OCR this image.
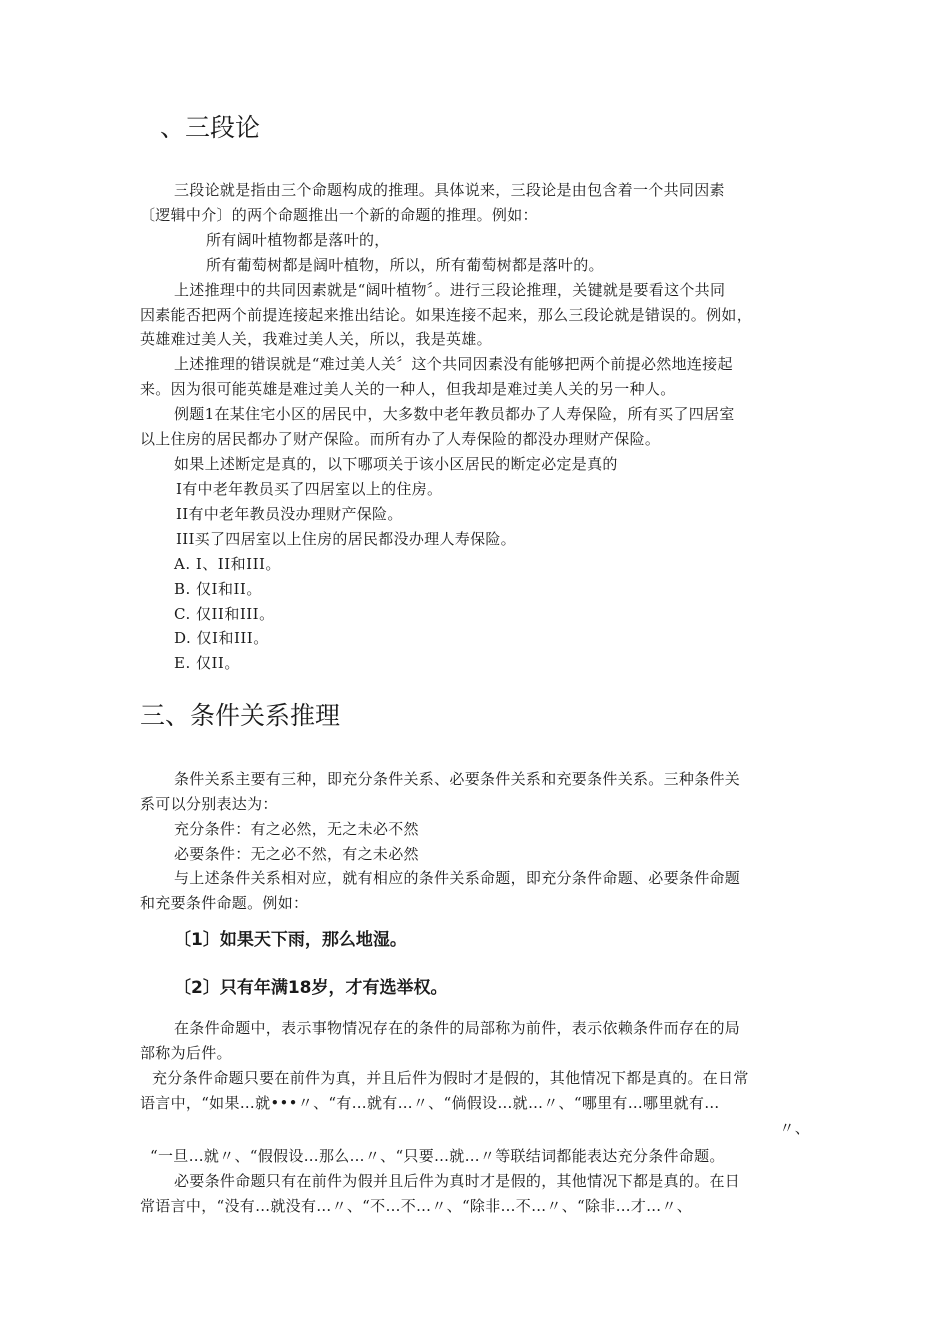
、三段论
三段论就是指由三个命题构成的推理。具体说来，三段论是由包含着一个共同因素
〔逻辑中介〕的两个命题推出一个新的命题的推理。例如：
所有阔叶植物都是落叶的，
所有葡萄树都是阔叶植物，所以，所有葡萄树都是落叶的。
上述推理中的共同因素就是“阔叶植物〞。进行三段论推理，关键就是要看这个共同
因素能否把两个前提连接起来推出结论。如果连接不起来，那么三段论就是错误的。例如，
英雄难过美人关，我难过美人关，所以，我是英雄。
上述推理的错误就是“难过美人关〞这个共同因素没有能够把两个前提必然地连接起
来。因为很可能英雄是难过美人关的一种人，但我却是难过美人关的另一种人。
例题1在某住宅小区的居民中，大多数中老年教员都办了人寿保险，所有买了四居室
以上住房的居民都办了财产保险。而所有办了人寿保险的都没办理财产保险。
如果上述断定是真的，以下哪项关于该小区居民的断定必定是真的
I有中老年教员买了四居室以上的住房。
II有中老年教员没办理财产保险。
III买了四居室以上住房的居民都没办理人寿保险。
A. I、II和III。
B. 仅I和II。
C. 仅II和III。
D. 仅I和III。
E. 仅II。
三、条件关系推理
条件关系主要有三种，即充分条件关系、必要条件关系和充要条件关系。三种条件关
系可以分别表达为：
充分条件：有之必然，无之未必不然
必要条件：无之必不然，有之未必然
与上述条件关系相对应，就有相应的条件关系命题，即充分条件命题、必要条件命题
和充要条件命题。例如：
〔1〕如果天下雨，那么地湿。
〔2〕只有年满18岁，才有选举权。
在条件命题中，表示事物情况存在的条件的局部称为前件，表示依赖条件而存在的局
部称为后件。
充分条件命题只要在前件为真，并且后件为假时才是假的，其他情况下都是真的。在日常
语言中，“如果…就•••〃、“有…就有…〃、“倘假设…就…〃、“哪里有…哪里就有…
〃、
“一旦…就〃、“假假设…那么…〃、“只要…就…〃等联结词都能表达充分条件命题。
必要条件命题只有在前件为假并且后件为真时才是假的，其他情况下都是真的。在日
常语言中，“没有…就没有…〃、“不…不…〃、“除非…不…〃、“除非…才…〃、
